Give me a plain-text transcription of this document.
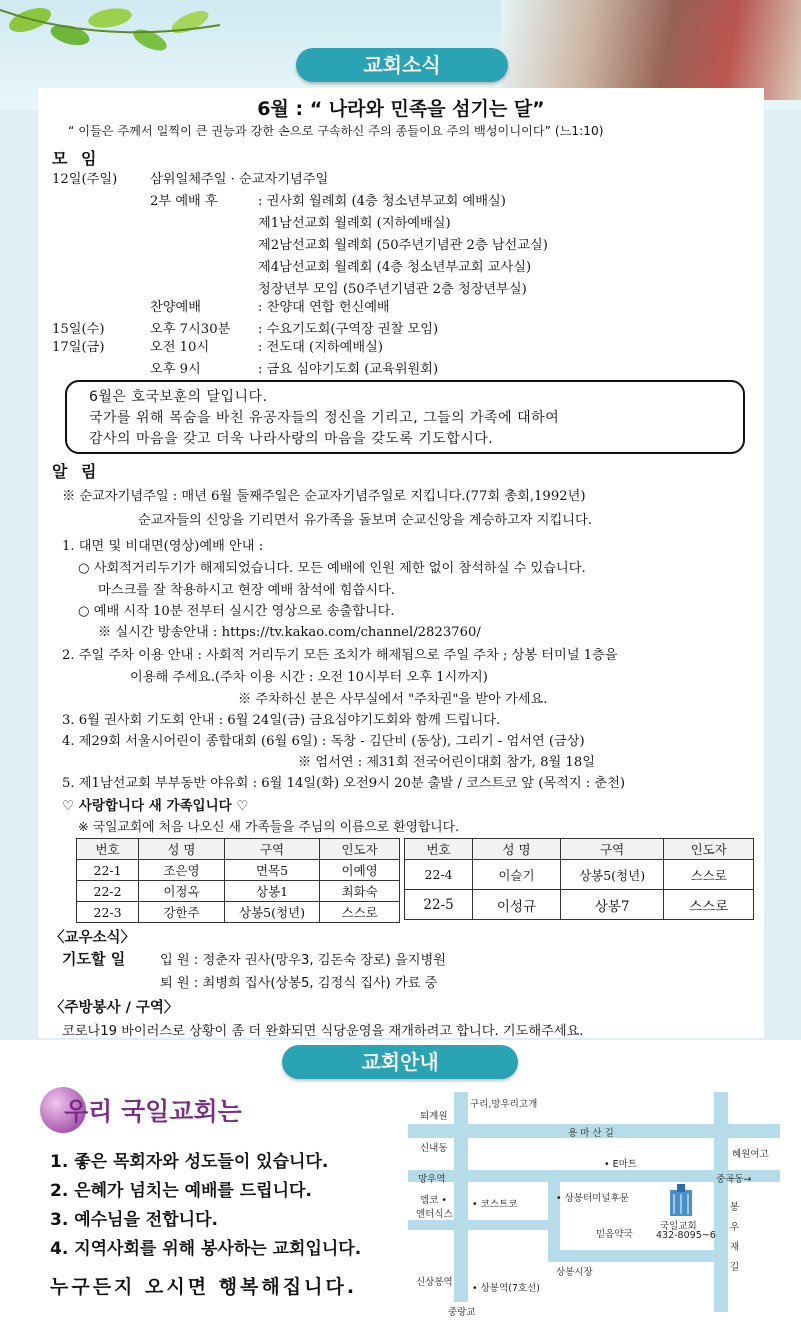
교회소식
6월 : “ 나라와 민족을 섬기는 달”
“ 이들은 주께서 일찍이 큰 권능과 강한 손으로 구속하신 주의 종들이요 주의 백성이니이다” (느1:10)
모 임
12일(주일) 삼위일체주일 · 순교자기념주일
2부 예배 후	: 권사회 월례회 (4층 청소년부교회 예배실)
제1남선교회 월례회 (지하예배실)
제2남선교회 월례회 (50주년기념관 2층 남선교실)
제4남선교회 월례회 (4층 청소년부교회 교사실)
청장년부 모임 (50주년기념관 2층 청장년부실)
찬양예배	: 찬양대 연합 헌신예배
15일(수)	오후 7시30분 : 수요기도회(구역장 권찰 모임)
17일(금)	오전 10시	: 전도대 (지하예배실)
오후 9시	: 금요 심야기도회 (교육위원회)
6월은 호국보훈의 달입니다.
국가를 위해 목숨을 바친 유공자들의 정신을 기리고, 그들의 가족에 대하여
감사의 마음을 갖고 더욱 나라사랑의 마음을 갖도록 기도합시다.
알 림
※ 순교자기념주일 : 매년 6월 둘째주일은 순교자기념주일로 지킵니다.(77회 총회,1992년)
순교자들의 신앙을 기리면서 유가족을 돌보며 순교신앙을 계승하고자 지킵니다.
1. 대면 및 비대면(영상)예배 안내 :
○ 사회적거리두기가 해제되었습니다. 모든 예배에 인원 제한 없이 참석하실 수 있습니다.
마스크를 잘 착용하시고 현장 예배 참석에 힘씁시다.
○ 예배 시작 10분 전부터 실시간 영상으로 송출합니다.
※ 실시간 방송안내 : https://tv.kakao.com/channel/2823760/
2. 주일 주차 이용 안내 : 사회적 거리두기 모든 조치가 해제됨으로 주일 주차 ; 상봉 터미널 1층을
이용해 주세요.(주차 이용 시간 : 오전 10시부터 오후 1시까지)
※ 주차하신 분은 사무실에서 "주차권"을 받아 가세요.
3. 6월 권사회 기도회 안내 : 6월 24일(금) 금요심야기도회와 함께 드립니다.
4. 제29회 서울시어린이 종합대회 (6월 6일) : 독창 - 김단비 (동상), 그리기 - 엄서연 (금상)
※ 엄서연 : 제31회 전국어린이대회 참가, 8월 18일
5. 제1남선교회 부부동반 야유회 : 6월 14일(화) 오전9시 20분 출발 / 코스트코 앞 (목적지 : 춘천)
♡ 사랑합니다 새 가족입니다 ♡
※ 국일교회에 처음 나오신 새 가족들을 주님의 이름으로 환영합니다.
번호	성 명	구역	인도자
22-1	조은영	면목5	이예영
22-2	이정옥	상봉1	최화숙
22-3	강한주	상봉5(청년)	스스로
번호	성 명	구역	인도자
22-4	이슬기	상봉5(청년)	스스로
22-5	이성규	상봉7	스스로
〈교우소식〉
기도할 일	입 원 : 정춘자 권사(망우3, 김돈숙 장로) 을지병원
퇴 원 : 최병희 집사(상봉5, 김정식 집사) 가료 중
〈주방봉사 / 구역〉
코로나19 바이러스로 상황이 좀 더 완화되면 식당운영을 재개하려고 합니다. 기도해주세요.
교회안내
우리 국일교회는
1. 좋은 목회자와 성도들이 있습니다.
2. 은혜가 넘치는 예배를 드립니다.
3. 예수님을 전합니다.
4. 지역사회를 위해 봉사하는 교회입니다.
누구든지 오시면 행복해집니다.
구리,망우리고개
퇴계원
용 마 산 길
신내동
혜원여고
• E마트
망우역	중곡동→
엠코 •
엔터식스
• 코스트코
• 상봉터미널후문
국일교회
432-8095~6
믿음약국
봉우재길
상봉시장
신상봉역
• 상봉역(7호선)
중랑교
